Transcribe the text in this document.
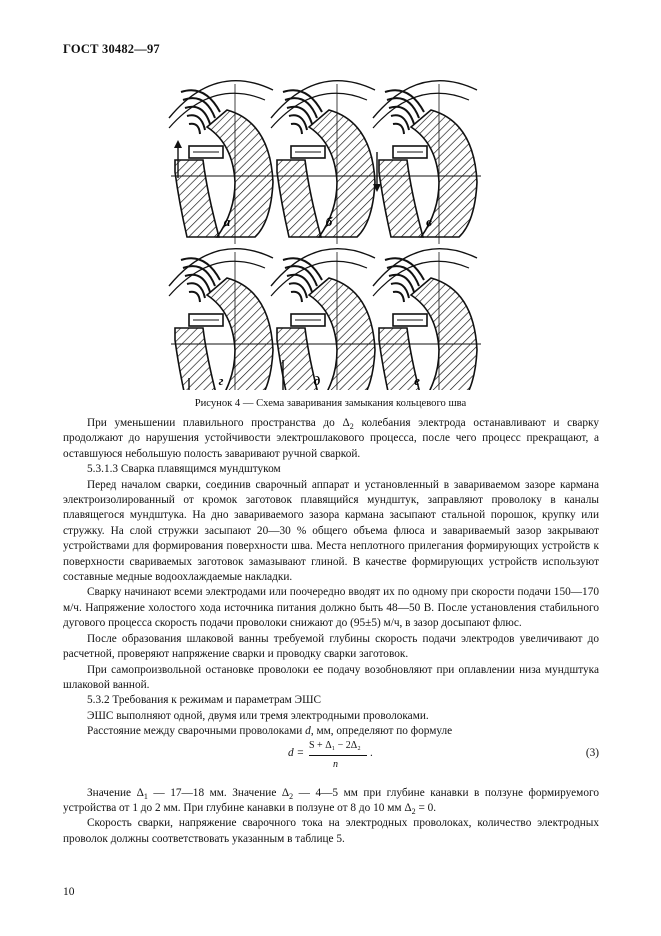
ГОСТ 30482—97
а	б	в
г	д	е
Рисунок 4 — Схема заваривания замыкания кольцевого шва

При уменьшении плавильного пространства до $\Delta_2$ колебания электрода останавливают и сварку продолжают до нарушения устойчивости электрошлакового процесса, после чего процесс прекращают, а оставшуюся небольшую полость заваривают ручной сваркой.

5.3.1.3 Сварка плавящимся мундштуком

Перед началом сварки, соединив сварочный аппарат и установленный в завариваемом зазоре кармана электроизолированный от кромок заготовок плавящийся мундштук, заправляют проволоку в каналы плавящегося мундштука. На дно завариваемого зазора кармана засыпают стальной порошок, крупку или стружку. На слой стружки засыпают 20—30 % общего объема флюса и завариваемый зазор закрывают устройствами для формирования поверхности шва. Места неплотного прилегания формирующих устройств к поверхности свариваемых заготовок замазывают глиной. В качестве формирующих устройств используют составные медные водоохлаждаемые накладки.

Сварку начинают всеми электродами или поочередно вводят их по одному при скорости подачи 150—170 м/ч. Напряжение холостого хода источника питания должно быть 48—50 В. После установления стабильного дугового процесса скорость подачи проволоки снижают до (95±5) м/ч, в зазор досыпают флюс.

После образования шлаковой ванны требуемой глубины скорость подачи электродов увеличивают до расчетной, проверяют напряжение сварки и проводку сварки заготовок.

При самопроизвольной остановке проволоки ее подачу возобновляют при оплавлении низа мундштука шлаковой ванной.

5.3.2 Требования к режимам и параметрам ЭШС

ЭШС выполняют одной, двумя или тремя электродными проволоками.

Расстояние между сварочными проволоками d, мм, определяют по формуле

d =
S + Δ₁ − 2Δ₂
n
.	(3)

Значение $\Delta_1$ — 17—18 мм. Значение $\Delta_2$ — 4—5 мм при глубине канавки в ползуне формируемого устройства от 1 до 2 мм. При глубине канавки в ползуне от 8 до 10 мм $\Delta_2 = 0$.

Скорость сварки, напряжение сварочного тока на электродных проволоках, количество электродных проволок должны соответствовать указанным в таблице 5.

10
